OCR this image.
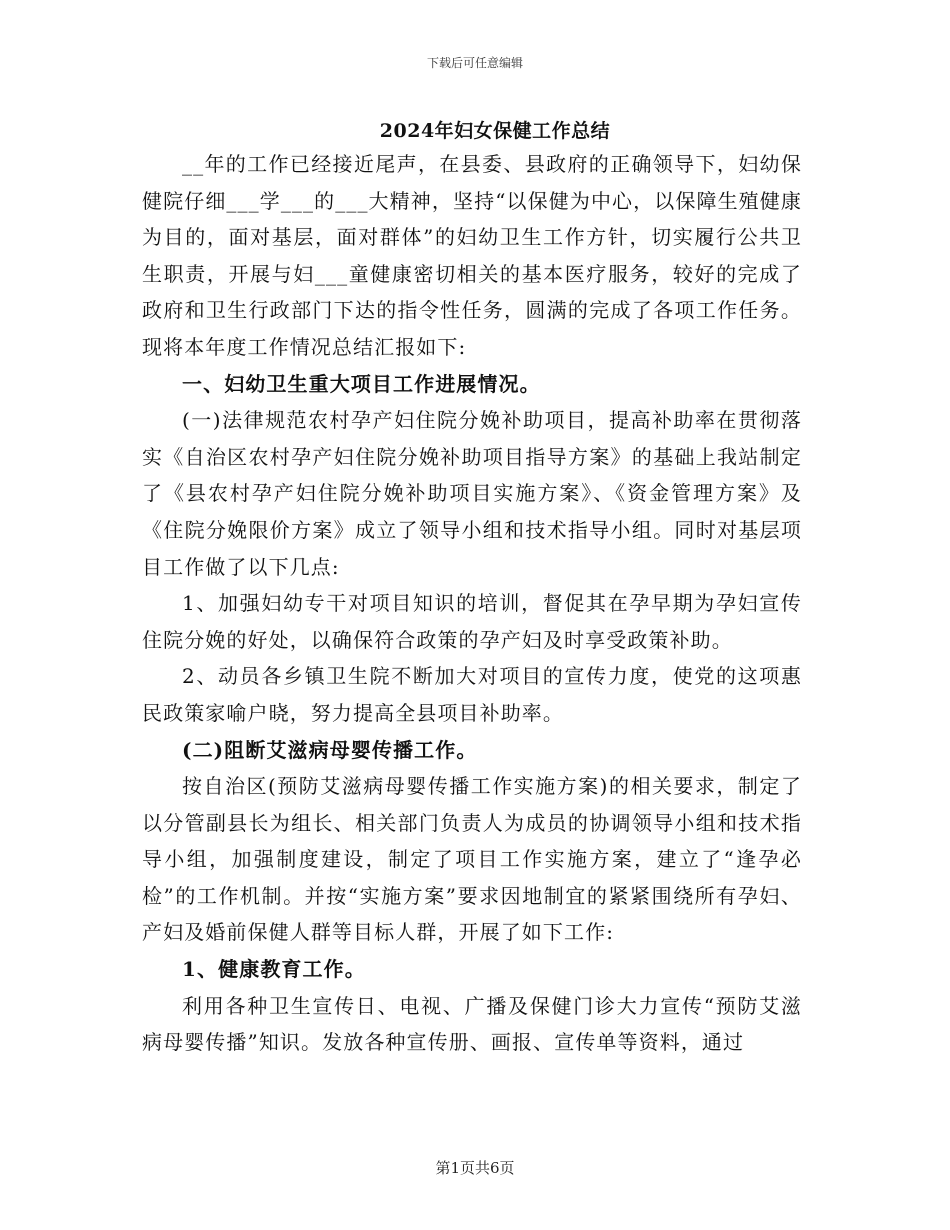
下载后可任意编辑
2024年妇女保健工作总结

__年的工作已经接近尾声，在县委、县政府的正确领导下，妇幼保健院仔细___学___的___大精神，坚持“以保健为中心，以保障生殖健康为目的，面对基层，面对群体”的妇幼卫生工作方针，切实履行公共卫生职责，开展与妇___童健康密切相关的基本医疗服务，较好的完成了政府和卫生行政部门下达的指令性任务，圆满的完成了各项工作任务。现将本年度工作情况总结汇报如下:

一、妇幼卫生重大项目工作进展情况。

(一)法律规范农村孕产妇住院分娩补助项目，提高补助率在贯彻落实《自治区农村孕产妇住院分娩补助项目指导方案》的基础上我站制定了《县农村孕产妇住院分娩补助项目实施方案》、《资金管理方案》及《住院分娩限价方案》成立了领导小组和技术指导小组。同时对基层项目工作做了以下几点:

1、加强妇幼专干对项目知识的培训，督促其在孕早期为孕妇宣传住院分娩的好处，以确保符合政策的孕产妇及时享受政策补助。

2、动员各乡镇卫生院不断加大对项目的宣传力度，使党的这项惠民政策家喻户晓，努力提高全县项目补助率。

(二)阻断艾滋病母婴传播工作。

按自治区(预防艾滋病母婴传播工作实施方案)的相关要求，制定了以分管副县长为组长、相关部门负责人为成员的协调领导小组和技术指导小组，加强制度建设，制定了项目工作实施方案，建立了“逢孕必检”的工作机制。并按“实施方案”要求因地制宜的紧紧围绕所有孕妇、产妇及婚前保健人群等目标人群，开展了如下工作:

1、健康教育工作。

利用各种卫生宣传日、电视、广播及保健门诊大力宣传“预防艾滋病母婴传播”知识。发放各种宣传册、画报、宣传单等资料，通过

第1页共6页
